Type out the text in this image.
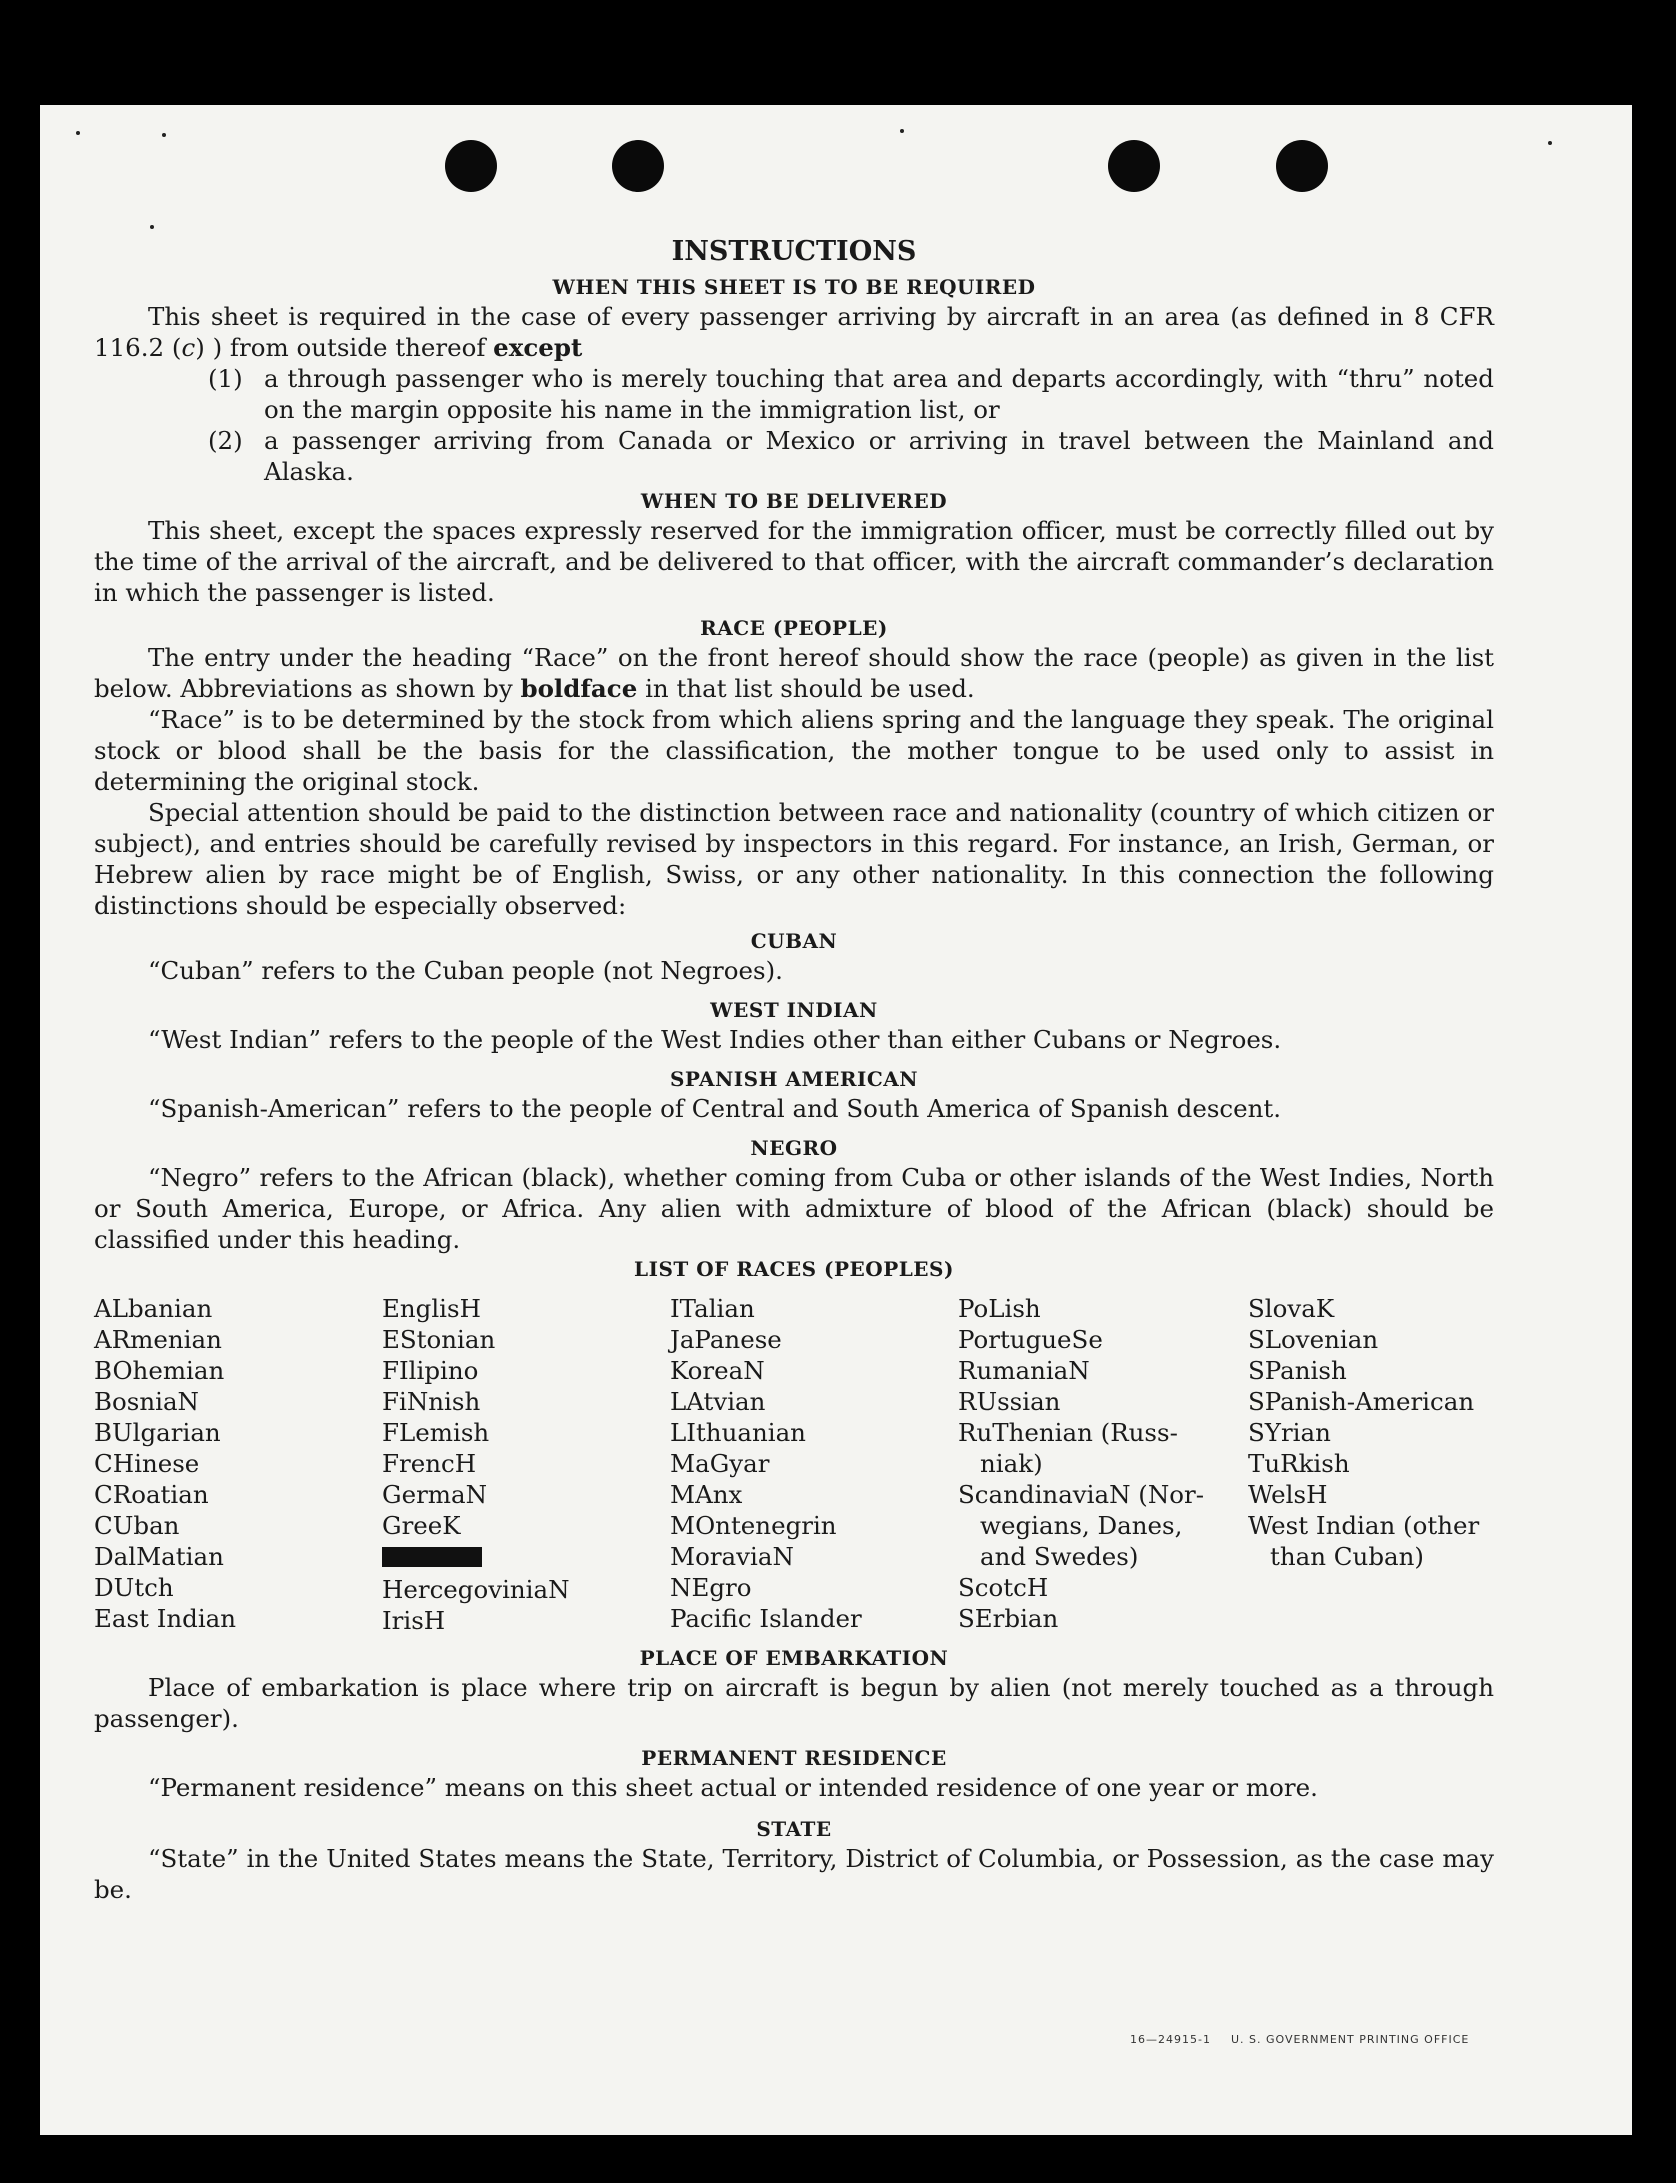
INSTRUCTIONS
WHEN THIS SHEET IS TO BE REQUIRED

This sheet is required in the case of every passenger arriving by aircraft in an area (as defined in 8 CFR 116.2 (c) ) from outside thereof except

(1) a through passenger who is merely touching that area and departs accordingly, with “thru” noted on the margin opposite his name in the immigration list, or
(2) a passenger arriving from Canada or Mexico or arriving in travel between the Mainland and Alaska.
WHEN TO BE DELIVERED

This sheet, except the spaces expressly reserved for the immigration officer, must be correctly filled out by the time of the arrival of the aircraft, and be delivered to that officer, with the aircraft commander’s declaration in which the passenger is listed.

RACE (PEOPLE)

The entry under the heading “Race” on the front hereof should show the race (people) as given in the list below. Abbreviations as shown by boldface in that list should be used.

“Race” is to be determined by the stock from which aliens spring and the language they speak. The original stock or blood shall be the basis for the classification, the mother tongue to be used only to assist in determining the original stock.

Special attention should be paid to the distinction between race and nationality (country of which citizen or subject), and entries should be carefully revised by inspectors in this regard. For instance, an Irish, German, or Hebrew alien by race might be of English, Swiss, or any other nationality. In this connection the following distinctions should be especially observed:

CUBAN

“Cuban” refers to the Cuban people (not Negroes).

WEST INDIAN

“West Indian” refers to the people of the West Indies other than either Cubans or Negroes.

SPANISH AMERICAN

“Spanish-American” refers to the people of Central and South America of Spanish descent.

NEGRO

“Negro” refers to the African (black), whether coming from Cuba or other islands of the West Indies, North or South America, Europe, or Africa. Any alien with admixture of blood of the African (black) should be classified under this heading.

LIST OF RACES (PEOPLES)
ALbanian
ARmenian
BOhemian
BosniaN
BUlgarian
CHinese
CRoatian
CUban
DalMatian
DUtch
East Indian
EnglisH
EStonian
FIlipino
FiNnish
FLemish
FrencH
GermaN
GreeK
HercegoviniaN
IrisH
ITalian
JaPanese
KoreaN
LAtvian
LIthuanian
MaGyar
MAnx
MOntenegrin
MoraviaN
NEgro
Pacific Islander
PoLish
PortugueSe
RumaniaN
RUssian
RuThenian (Russ-
niak)
ScandinaviaN (Nor-
wegians, Danes,
and Swedes)
ScotcH
SErbian
SlovaK
SLovenian
SPanish
SPanish-American
SYrian
TuRkish
WelsH
West Indian (other
than Cuban)
PLACE OF EMBARKATION

Place of embarkation is place where trip on aircraft is begun by alien (not merely touched as a through passenger).

PERMANENT RESIDENCE

“Permanent residence” means on this sheet actual or intended residence of one year or more.

STATE

“State” in the United States means the State, Territory, District of Columbia, or Possession, as the case may be.

16—24915-1 U. S. GOVERNMENT PRINTING OFFICE
